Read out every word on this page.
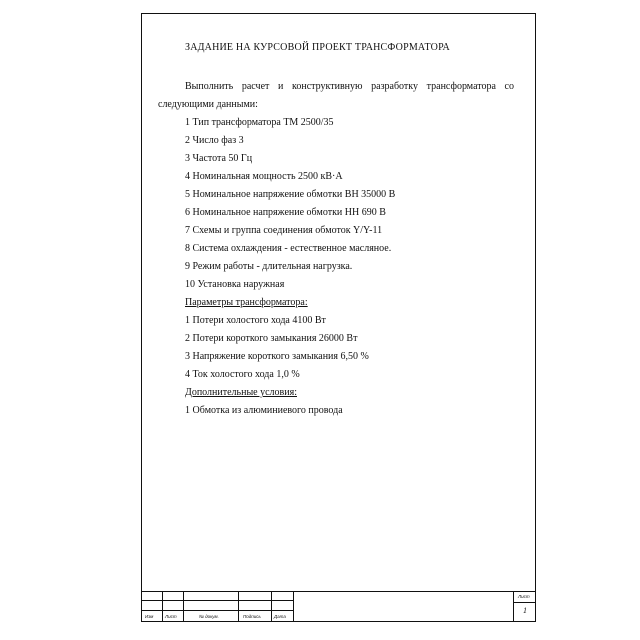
ЗАДАНИЕ НА КУРСОВОЙ ПРОЕКТ ТРАНСФОРМАТОРА
Выполнить расчет и конструктивную разработку трансформатора со следующими данными:
1 Тип трансформатора ТМ 2500/35
2 Число фаз 3
3 Частота 50 Гц
4 Номинальная мощность 2500 кВ·А
5 Номинальное напряжение обмотки ВН 35000 В
6 Номинальное напряжение обмотки НН 690 В
7 Схемы и группа соединения обмоток Y/Y-11
8 Система охлаждения - естественное масляное.
9 Режим работы - длительная нагрузка.
10 Установка наружная
Параметры трансформатора:
1 Потери холостого хода 4100 Вт
2 Потери короткого замыкания 26000 Вт
3 Напряжение короткого замыкания 6,50 %
4 Ток холостого хода 1,0 %
Дополнительные условия:
1 Обмотка из алюминиевого провода
Изм	Лист	№ докум.	Подпись	Дата
Лист
1
